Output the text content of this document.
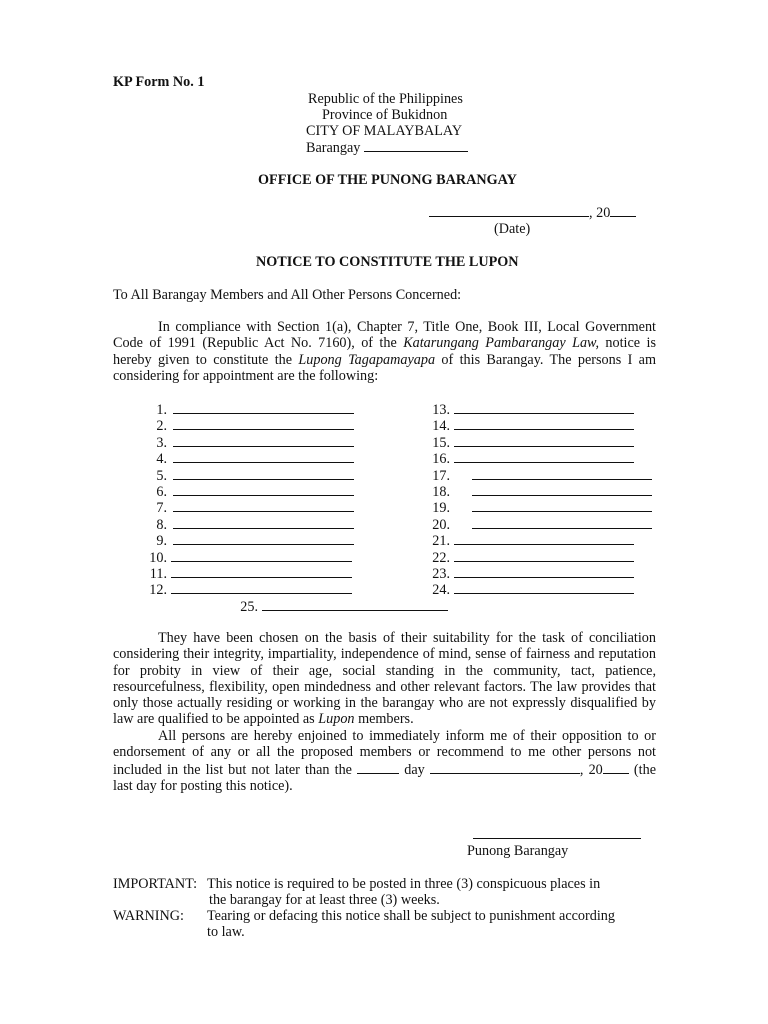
KP Form No. 1
Republic of the Philippines
Province of Bukidnon
CITY OF MALAYBALAY
Barangay
OFFICE OF THE PUNONG BARANGAY
, 20
(Date)
NOTICE TO CONSTITUTE THE LUPON
To All Barangay Members and All Other Persons Concerned:
In compliance with Section 1(a), Chapter 7, Title One, Book III, Local Government Code of 1991 (Republic Act No. 7160), of the Katarungang Pambarangay Law, notice is hereby given to constitute the Lupong Tagapamayapa of this Barangay. The persons I am considering for appointment are the following:
1.
2.
3.
4.
5.
6.
7.
8.
9.
10.
11.
12.
13.
14.
15.
16.
17.
18.
19.
20.
21.
22.
23.
24.
25.
They have been chosen on the basis of their suitability for the task of conciliation considering their integrity, impartiality, independence of mind, sense of fairness and reputation for probity in view of their age, social standing in the community, tact, patience, resourcefulness, flexibility, open mindedness and other relevant factors. The law provides that only those actually residing or working in the barangay who are not expressly disqualified by law are qualified to be appointed as Lupon members.
All persons are hereby enjoined to immediately inform me of their opposition to or endorsement of any or all the proposed members or recommend to me other persons not included in the list but not later than the	day	, 20 (the last day for posting this notice).
Punong Barangay
IMPORTANT: This notice is required to be posted in three (3) conspicuous places in
the barangay for at least three (3) weeks.
WARNING: Tearing or defacing this notice shall be subject to punishment according
to law.
